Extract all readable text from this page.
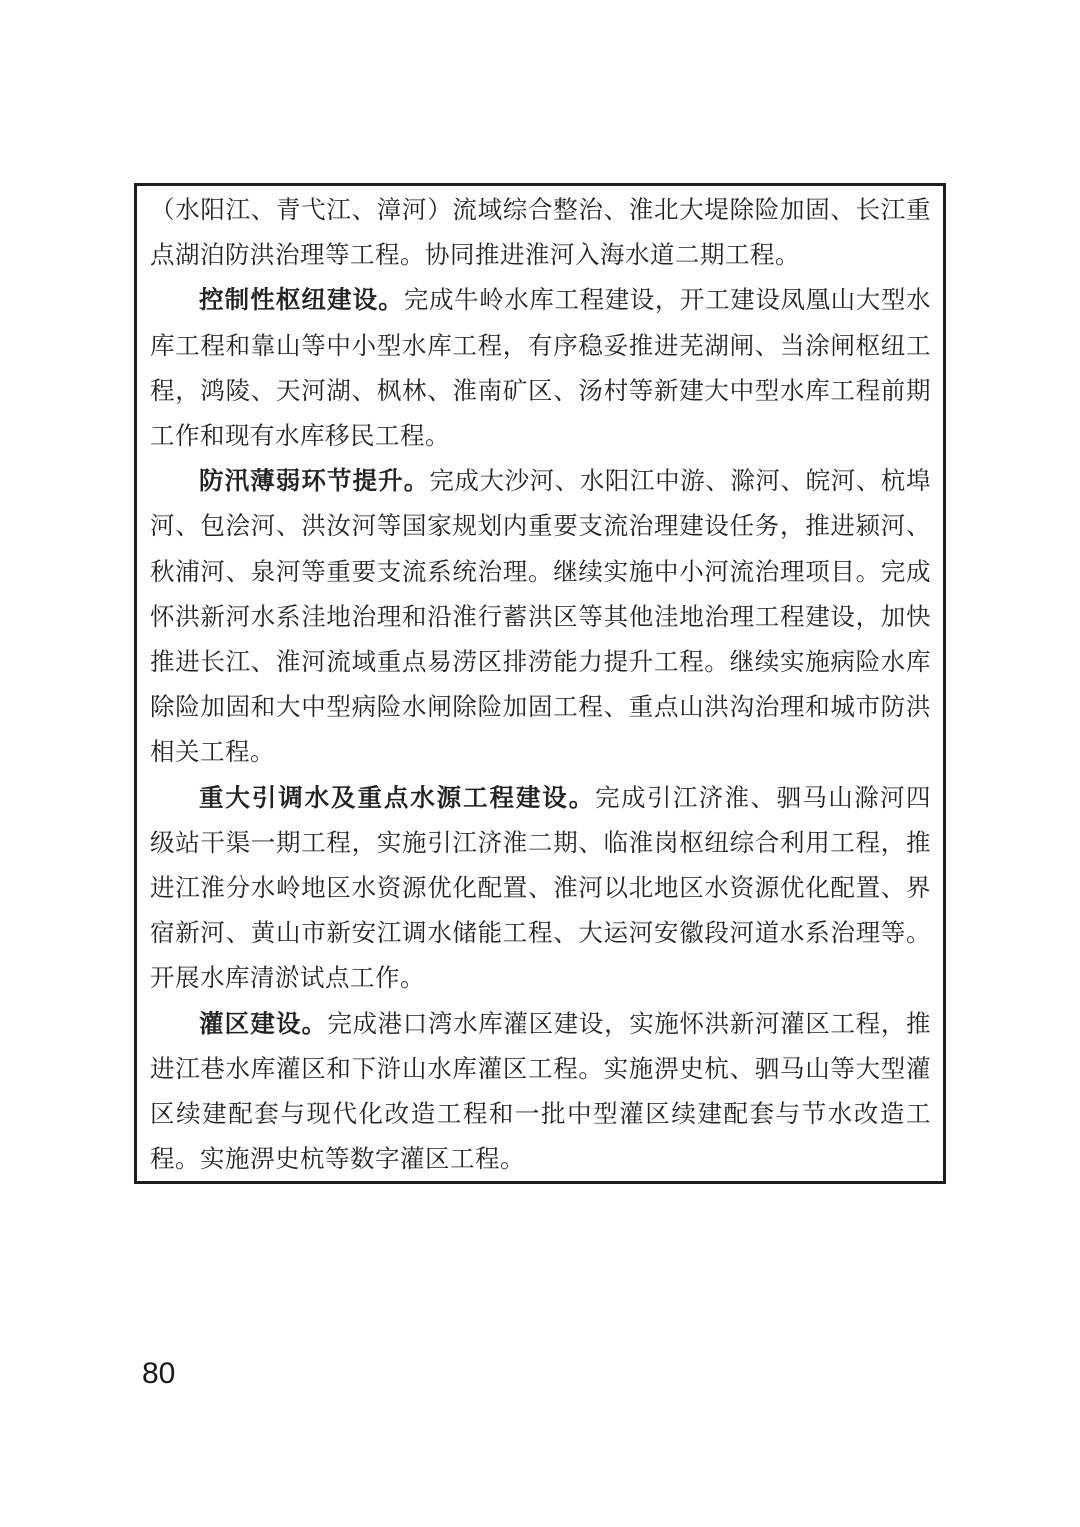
（水阳江、青弋江、漳河）流域综合整治、淮北大堤除险加固、长江重点湖泊防洪治理等工程。协同推进淮河入海水道二期工程。

控制性枢纽建设。完成牛岭水库工程建设，开工建设凤凰山大型水库工程和靠山等中小型水库工程，有序稳妥推进芜湖闸、当涂闸枢纽工程，鸿陵、天河湖、枫林、淮南矿区、汤村等新建大中型水库工程前期工作和现有水库移民工程。

防汛薄弱环节提升。完成大沙河、水阳江中游、滁河、皖河、杭埠河、包浍河、洪汝河等国家规划内重要支流治理建设任务，推进颍河、秋浦河、泉河等重要支流系统治理。继续实施中小河流治理项目。完成怀洪新河水系洼地治理和沿淮行蓄洪区等其他洼地治理工程建设，加快推进长江、淮河流域重点易涝区排涝能力提升工程。继续实施病险水库除险加固和大中型病险水闸除险加固工程、重点山洪沟治理和城市防洪相关工程。

重大引调水及重点水源工程建设。完成引江济淮、驷马山滁河四级站干渠一期工程，实施引江济淮二期、临淮岗枢纽综合利用工程，推进江淮分水岭地区水资源优化配置、淮河以北地区水资源优化配置、界宿新河、黄山市新安江调水储能工程、大运河安徽段河道水系治理等。开展水库清淤试点工作。

灌区建设。完成港口湾水库灌区建设，实施怀洪新河灌区工程，推进江巷水库灌区和下浒山水库灌区工程。实施淠史杭、驷马山等大型灌区续建配套与现代化改造工程和一批中型灌区续建配套与节水改造工程。实施淠史杭等数字灌区工程。

80
